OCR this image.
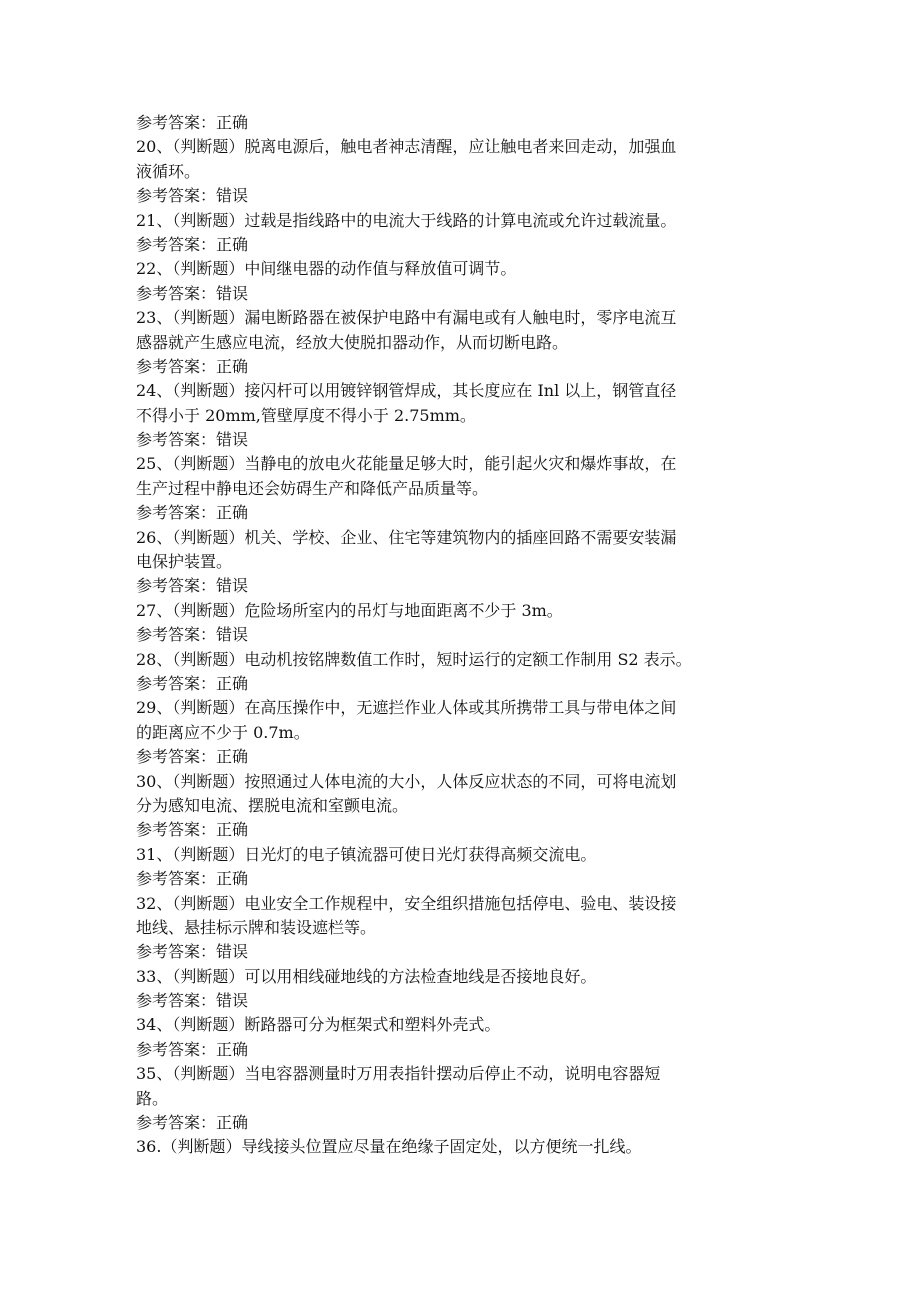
参考答案：正确
20、（判断题）脱离电源后，触电者神志清醒，应让触电者来回走动，加强血
液循环。
参考答案：错误
21、（判断题）过载是指线路中的电流大于线路的计算电流或允许过载流量。
参考答案：正确
22、（判断题）中间继电器的动作值与释放值可调节。
参考答案：错误
23、（判断题）漏电断路器在被保护电路中有漏电或有人触电时，零序电流互
感器就产生感应电流，经放大使脱扣器动作，从而切断电路。
参考答案：正确
24、（判断题）接闪杆可以用镀锌钢管焊成，其长度应在 Inl 以上，钢管直径
不得小于 20mm,管壁厚度不得小于 2.75mm。
参考答案：错误
25、（判断题）当静电的放电火花能量足够大时，能引起火灾和爆炸事故，在
生产过程中静电还会妨碍生产和降低产品质量等。
参考答案：正确
26、（判断题）机关、学校、企业、住宅等建筑物内的插座回路不需要安装漏
电保护装置。
参考答案：错误
27、（判断题）危险场所室内的吊灯与地面距离不少于 3m。
参考答案：错误
28、（判断题）电动机按铭牌数值工作时，短时运行的定额工作制用 S2 表示。
参考答案：正确
29、（判断题）在高压操作中，无遮拦作业人体或其所携带工具与带电体之间
的距离应不少于 0.7m。
参考答案：正确
30、（判断题）按照通过人体电流的大小，人体反应状态的不同，可将电流划
分为感知电流、摆脱电流和室颤电流。
参考答案：正确
31、（判断题）日光灯的电子镇流器可使日光灯获得高频交流电。
参考答案：正确
32、（判断题）电业安全工作规程中，安全组织措施包括停电、验电、装设接
地线、悬挂标示牌和装设遮栏等。
参考答案：错误
33、（判断题）可以用相线碰地线的方法检查地线是否接地良好。
参考答案：错误
34、（判断题）断路器可分为框架式和塑料外壳式。
参考答案：正确
35、（判断题）当电容器测量时万用表指针摆动后停止不动，说明电容器短
路。
参考答案：正确
36.（判断题）导线接头位置应尽量在绝缘子固定处，以方便统一扎线。
